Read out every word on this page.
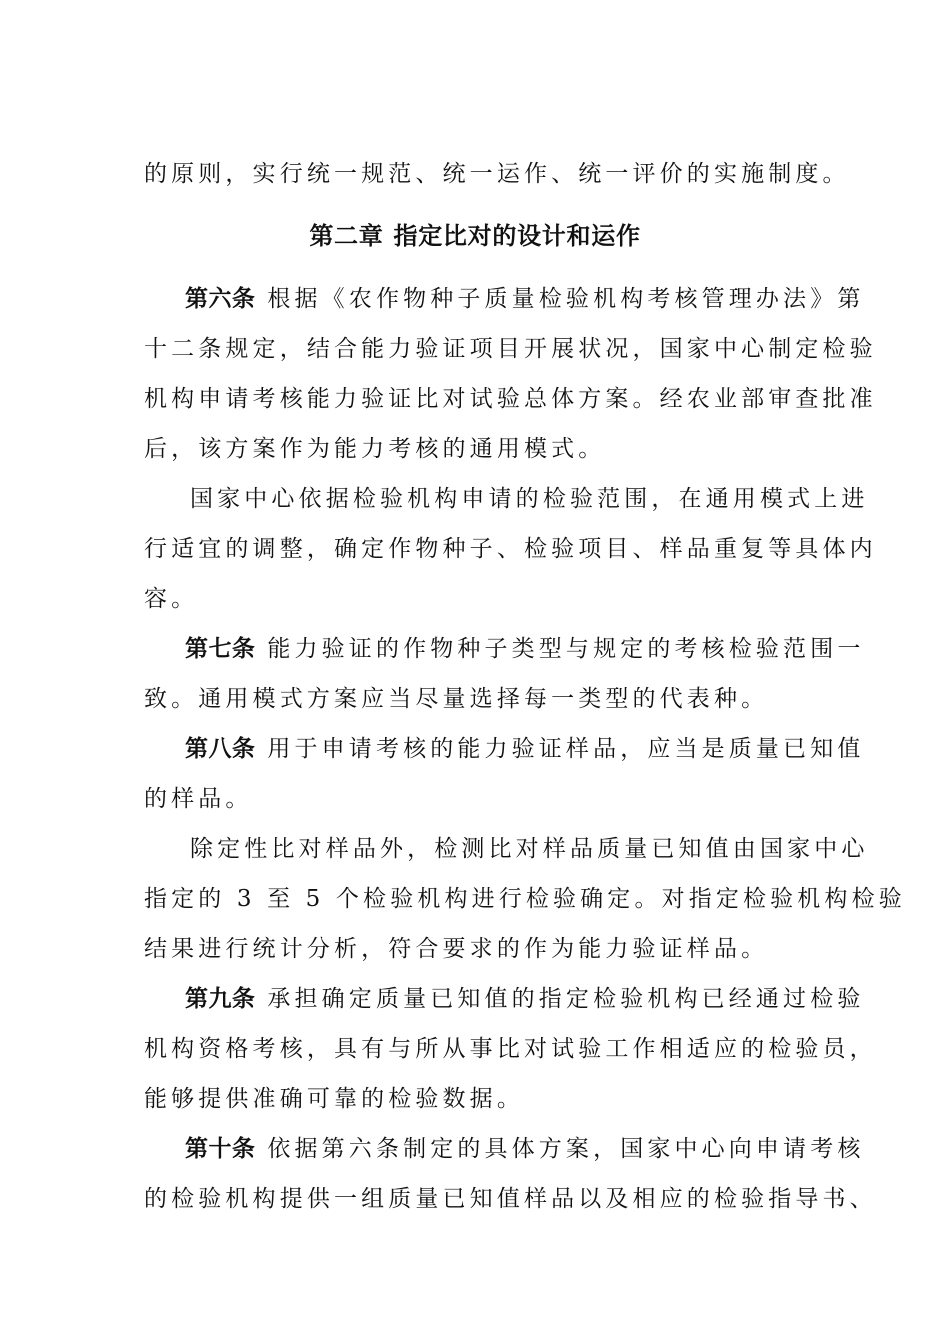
的原则，实行统一规范、统一运作、统一评价的实施制度。
第二章 指定比对的设计和运作
第六条 根据《农作物种子质量检验机构考核管理办法》第
十二条规定，结合能力验证项目开展状况，国家中心制定检验
机构申请考核能力验证比对试验总体方案。经农业部审查批准
后，该方案作为能力考核的通用模式。
国家中心依据检验机构申请的检验范围，在通用模式上进
行适宜的调整，确定作物种子、检验项目、样品重复等具体内
容。
第七条 能力验证的作物种子类型与规定的考核检验范围一
致。通用模式方案应当尽量选择每一类型的代表种。
第八条 用于申请考核的能力验证样品，应当是质量已知值
的样品。
除定性比对样品外，检测比对样品质量已知值由国家中心
指定的 3 至 5 个检验机构进行检验确定。对指定检验机构检验
结果进行统计分析，符合要求的作为能力验证样品。
第九条 承担确定质量已知值的指定检验机构已经通过检验
机构资格考核，具有与所从事比对试验工作相适应的检验员，
能够提供准确可靠的检验数据。
第十条 依据第六条制定的具体方案，国家中心向申请考核
的检验机构提供一组质量已知值样品以及相应的检验指导书、
